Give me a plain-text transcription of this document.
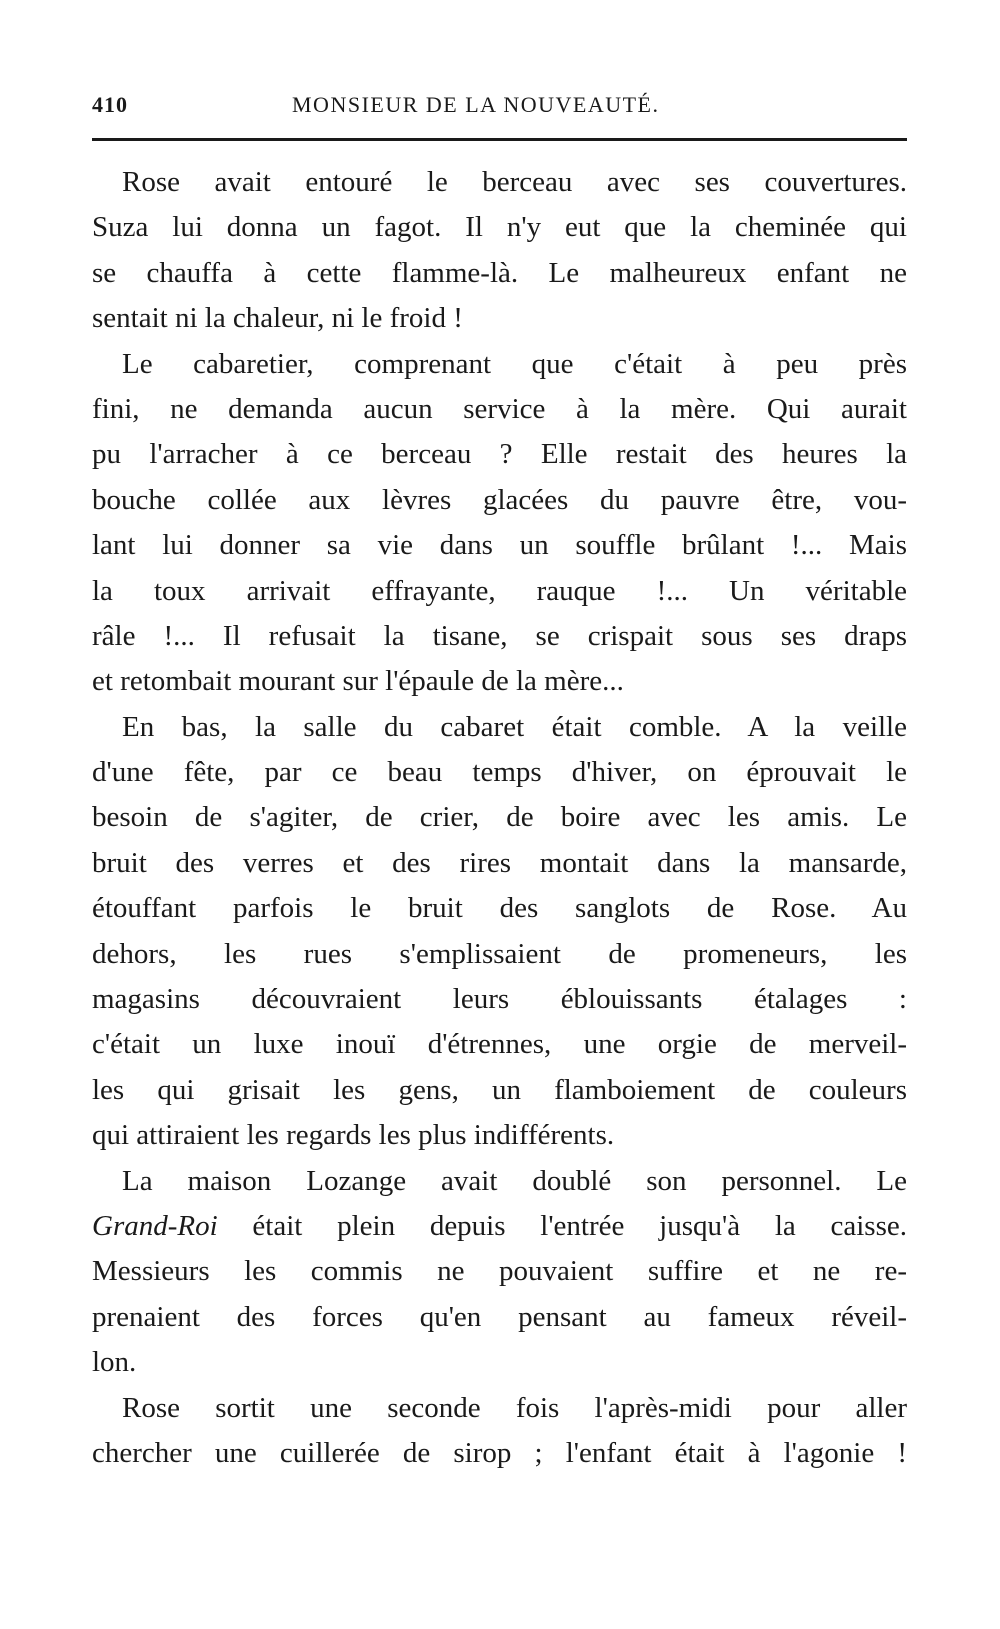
410	MONSIEUR DE LA NOUVEAUTÉ.
Rose avait entouré le berceau avec ses couvertures.
Suza lui donna un fagot. Il n'y eut que la cheminée qui
se chauffa à cette flamme-là. Le malheureux enfant ne
sentait ni la chaleur, ni le froid !
Le cabaretier, comprenant que c'était à peu près
fini, ne demanda aucun service à la mère. Qui aurait
pu l'arracher à ce berceau ? Elle restait des heures la
bouche collée aux lèvres glacées du pauvre être, vou-
lant lui donner sa vie dans un souffle brûlant !... Mais
la toux arrivait effrayante, rauque !... Un véritable
râle !... Il refusait la tisane, se crispait sous ses draps
et retombait mourant sur l'épaule de la mère...
En bas, la salle du cabaret était comble. A la veille
d'une fête, par ce beau temps d'hiver, on éprouvait le
besoin de s'agiter, de crier, de boire avec les amis. Le
bruit des verres et des rires montait dans la mansarde,
étouffant parfois le bruit des sanglots de Rose. Au
dehors, les rues s'emplissaient de promeneurs, les
magasins découvraient leurs éblouissants étalages :
c'était un luxe inouï d'étrennes, une orgie de merveil-
les qui grisait les gens, un flamboiement de couleurs
qui attiraient les regards les plus indifférents.
La maison Lozange avait doublé son personnel. Le
Grand-Roi était plein depuis l'entrée jusqu'à la caisse.
Messieurs les commis ne pouvaient suffire et ne re-
prenaient des forces qu'en pensant au fameux réveil-
lon.
Rose sortit une seconde fois l'après-midi pour aller
chercher une cuillerée de sirop ; l'enfant était à l'agonie !
